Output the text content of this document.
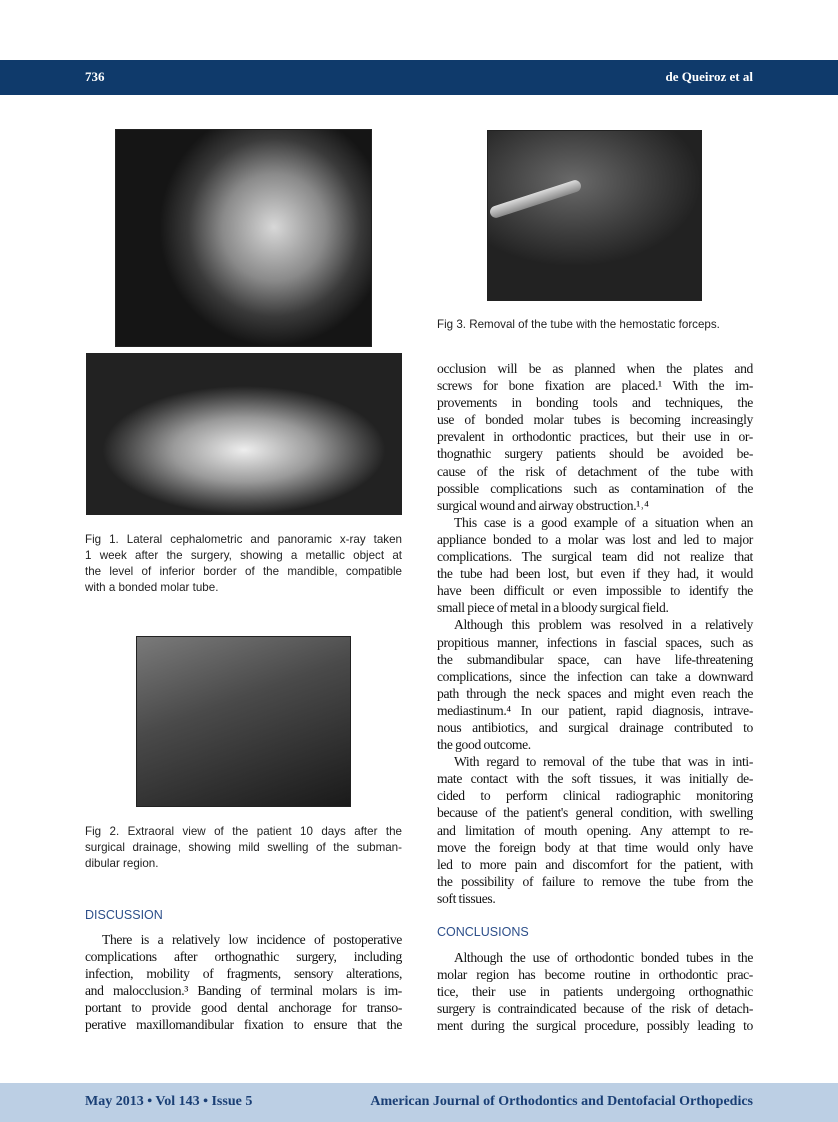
736	de Queiroz et al
Fig 1. Lateral cephalometric and panoramic x-ray taken
1 week after the surgery, showing a metallic object at
the level of inferior border of the mandible, compatible
with a bonded molar tube.
Fig 2. Extraoral view of the patient 10 days after the
surgical drainage, showing mild swelling of the subman-
dibular region.
Fig 3. Removal of the tube with the hemostatic forceps.
DISCUSSION
There is a relatively low incidence of postoperative
complications after orthognathic surgery, including
infection, mobility of fragments, sensory alterations,
and malocclusion.³ Banding of terminal molars is im-
portant to provide good dental anchorage for transo-
perative maxillomandibular fixation to ensure that the
occlusion will be as planned when the plates and
screws for bone fixation are placed.¹ With the im-
provements in bonding tools and techniques, the
use of bonded molar tubes is becoming increasingly
prevalent in orthodontic practices, but their use in or-
thognathic surgery patients should be avoided be-
cause of the risk of detachment of the tube with
possible complications such as contamination of the
surgical wound and airway obstruction.¹˒⁴
This case is a good example of a situation when an
appliance bonded to a molar was lost and led to major
complications. The surgical team did not realize that
the tube had been lost, but even if they had, it would
have been difficult or even impossible to identify the
small piece of metal in a bloody surgical field.
Although this problem was resolved in a relatively
propitious manner, infections in fascial spaces, such as
the submandibular space, can have life-threatening
complications, since the infection can take a downward
path through the neck spaces and might even reach the
mediastinum.⁴ In our patient, rapid diagnosis, intrave-
nous antibiotics, and surgical drainage contributed to
the good outcome.
With regard to removal of the tube that was in inti-
mate contact with the soft tissues, it was initially de-
cided to perform clinical radiographic monitoring
because of the patient's general condition, with swelling
and limitation of mouth opening. Any attempt to re-
move the foreign body at that time would only have
led to more pain and discomfort for the patient, with
the possibility of failure to remove the tube from the
soft tissues.
CONCLUSIONS
Although the use of orthodontic bonded tubes in the
molar region has become routine in orthodontic prac-
tice, their use in patients undergoing orthognathic
surgery is contraindicated because of the risk of detach-
ment during the surgical procedure, possibly leading to
May 2013 • Vol 143 • Issue 5	American Journal of Orthodontics and Dentofacial Orthopedics
